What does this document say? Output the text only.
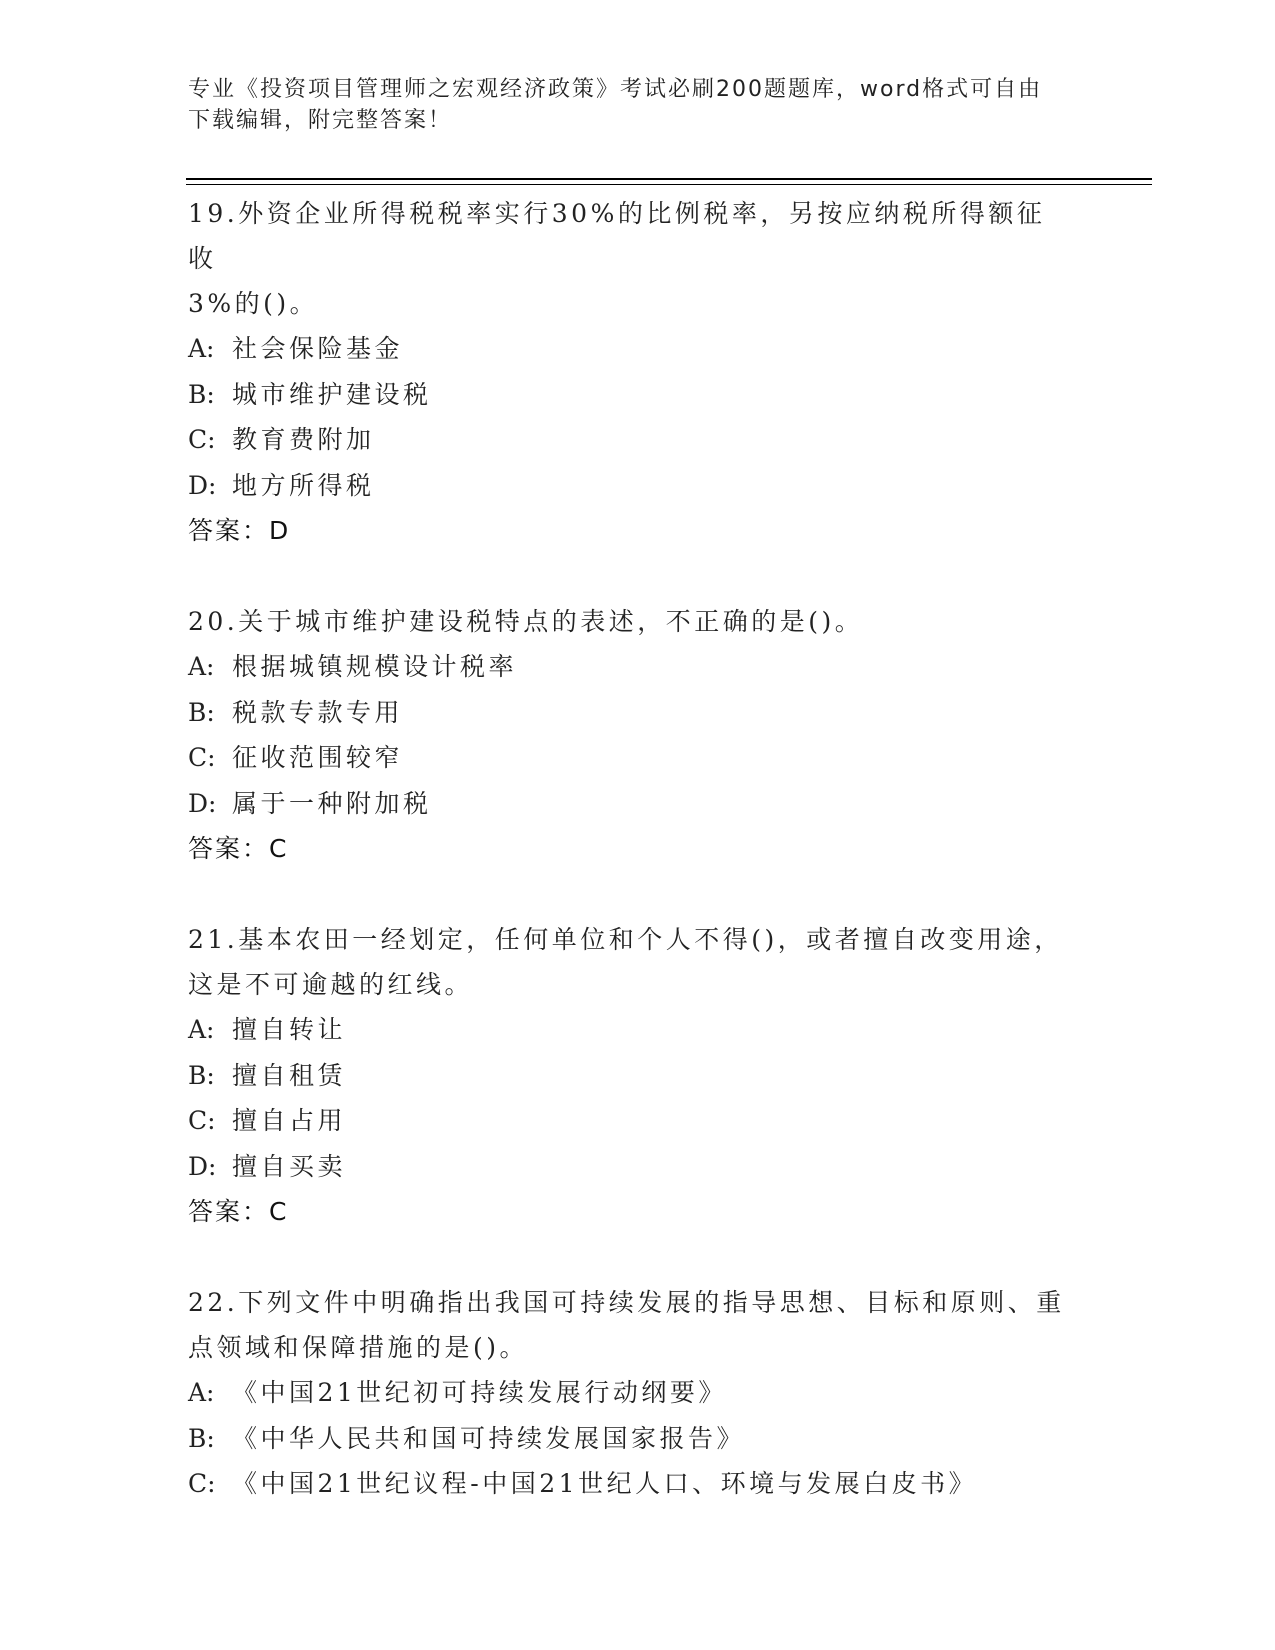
专业《投资项目管理师之宏观经济政策》考试必刷200题题库，word格式可自由
下载编辑，附完整答案！
19.外资企业所得税税率实行30%的比例税率，另按应纳税所得额征收
3%的()。
A: 社会保险基金
B: 城市维护建设税
C: 教育费附加
D: 地方所得税
答案：D
20.关于城市维护建设税特点的表述，不正确的是()。
A: 根据城镇规模设计税率
B: 税款专款专用
C: 征收范围较窄
D: 属于一种附加税
答案：C
21.基本农田一经划定，任何单位和个人不得()，或者擅自改变用途，
这是不可逾越的红线。
A: 擅自转让
B: 擅自租赁
C: 擅自占用
D: 擅自买卖
答案：C
22.下列文件中明确指出我国可持续发展的指导思想、目标和原则、重
点领域和保障措施的是()。
A: 《中国21世纪初可持续发展行动纲要》
B: 《中华人民共和国可持续发展国家报告》
C: 《中国21世纪议程-中国21世纪人口、环境与发展白皮书》
